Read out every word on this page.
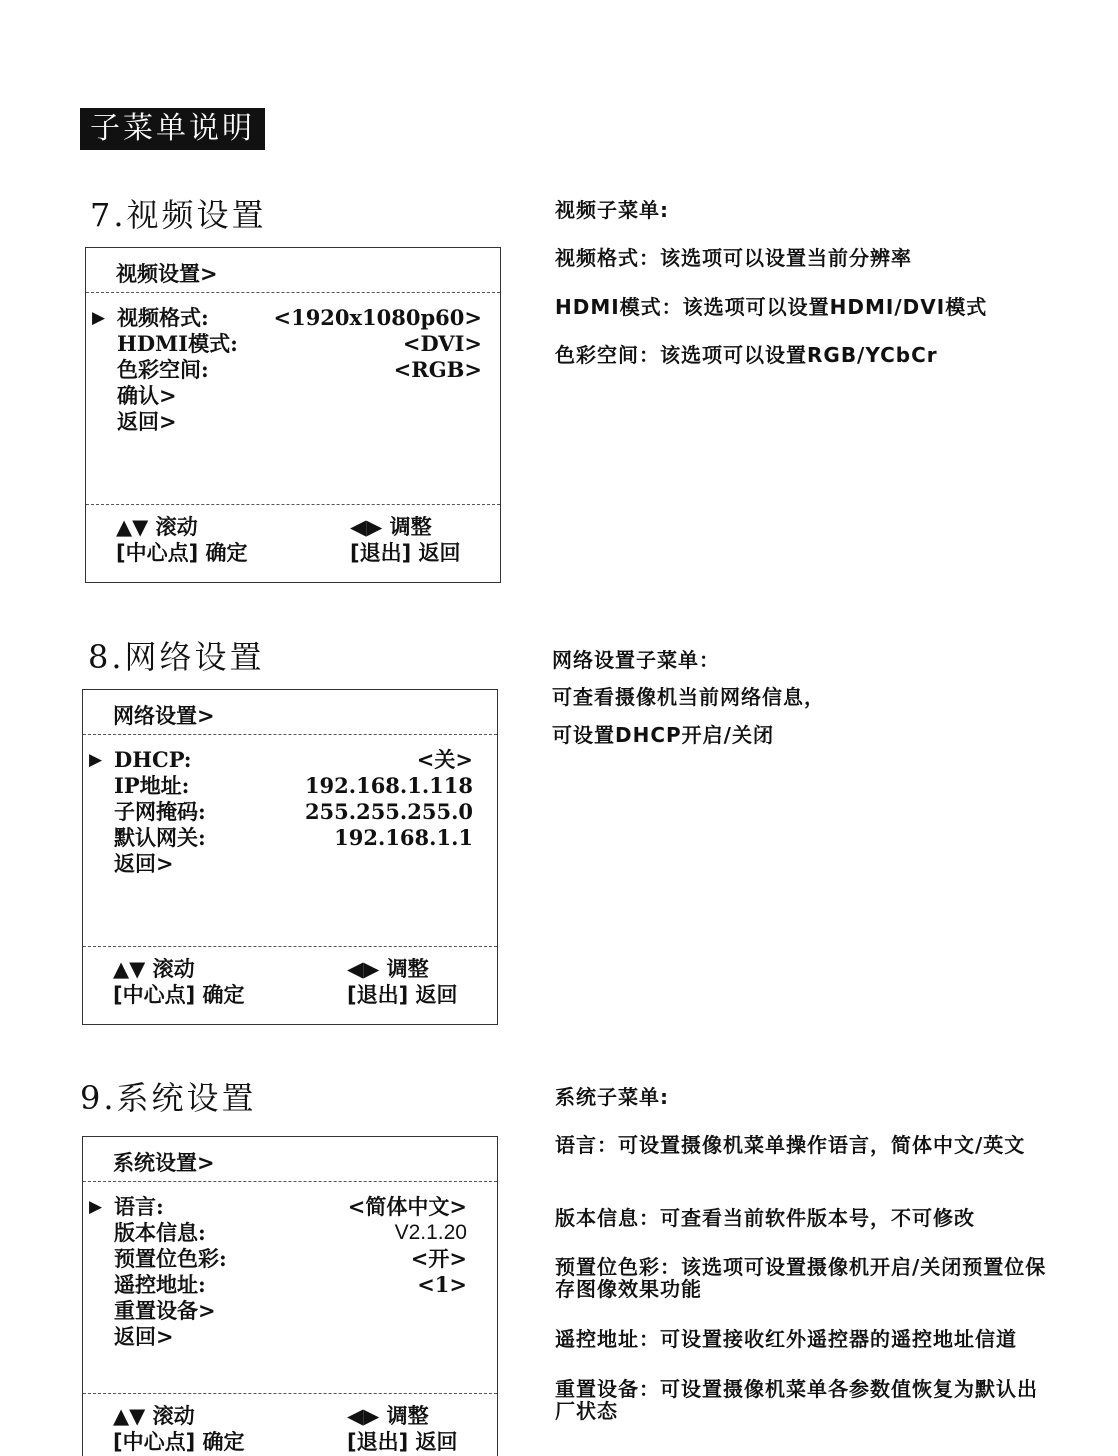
子菜单说明
7.视频设置
视频设置>
▶ 视频格式:	<1920x1080p60>
HDMI模式:	<DVI>
色彩空间:	<RGB>
确认>
返回>
▲▼ 滚动	◀▶ 调整
[中心点] 确定	[退出] 返回
视频子菜单:
视频格式：该选项可以设置当前分辨率
HDMI模式：该选项可以设置HDMI/DVI模式
色彩空间：该选项可以设置RGB/YCbCr
8.网络设置
网络设置>
▶ DHCP:	<关>
IP地址:	192.168.1.118
子网掩码:	255.255.255.0
默认网关:	192.168.1.1
返回>
▲▼ 滚动	◀▶ 调整
[中心点] 确定	[退出] 返回
网络设置子菜单：
可查看摄像机当前网络信息，
可设置DHCP开启/关闭
9.系统设置
系统设置>
▶ 语言:	<简体中文>
版本信息:	V2.1.20
预置位色彩:	<开>
遥控地址:	<1>
重置设备>
返回>
▲▼ 滚动	◀▶ 调整
[中心点] 确定	[退出] 返回
系统子菜单:
语言：可设置摄像机菜单操作语言，简体中文/英文
版本信息：可查看当前软件版本号，不可修改
预置位色彩：该选项可设置摄像机开启/关闭预置位保存图像效果功能
遥控地址：可设置接收红外遥控器的遥控地址信道
重置设备：可设置摄像机菜单各参数值恢复为默认出厂状态
